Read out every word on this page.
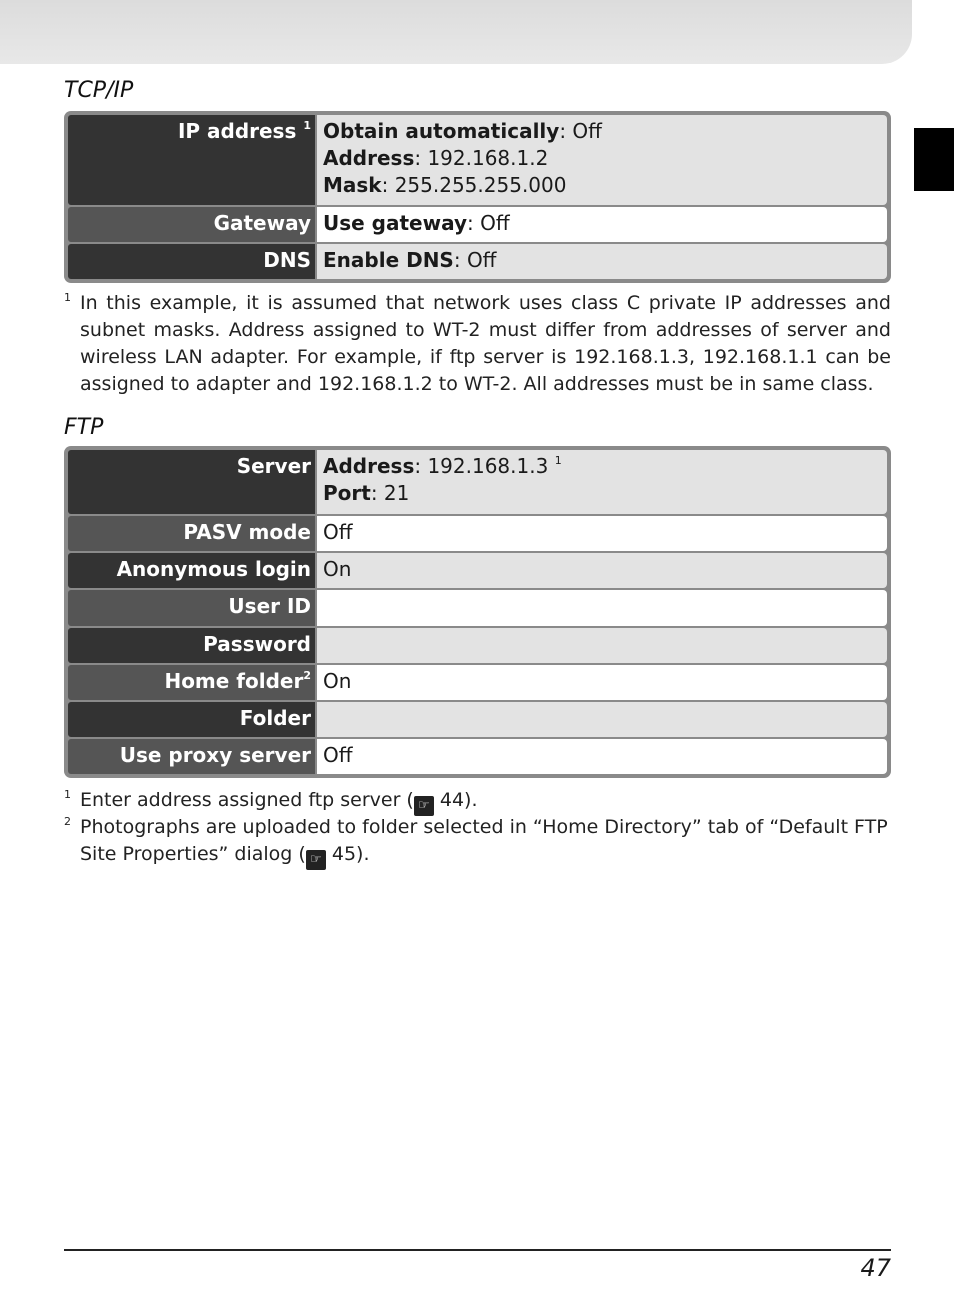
TCP/IP
IP address $^1$ Obtain automatically: Off
Address: 192.168.1.2
Mask: 255.255.255.000
Gateway Use gateway: Off
DNS Enable DNS: Off
1 In this example, it is assumed that network uses class C private IP addresses and subnet masks. Address assigned to WT-2 must differ from addresses of server and wireless LAN adapter. For example, if ftp server is 192.168.1.3, 192.168.1.1 can be assigned to adapter and 192.168.1.2 to WT-2. All addresses must be in same class.
FTP
Server Address: 192.168.1.3 $^1$
Port: 21
PASV mode Off
Anonymous login On
User ID
Password
Home folder$^2$ On
Folder
Use proxy server Off
1 Enter address assigned ftp server ( ☞ 44).
2 Photographs are uploaded to folder selected in “Home Directory” tab of “Default FTP Site Properties” dialog ( ☞ 45).
47
